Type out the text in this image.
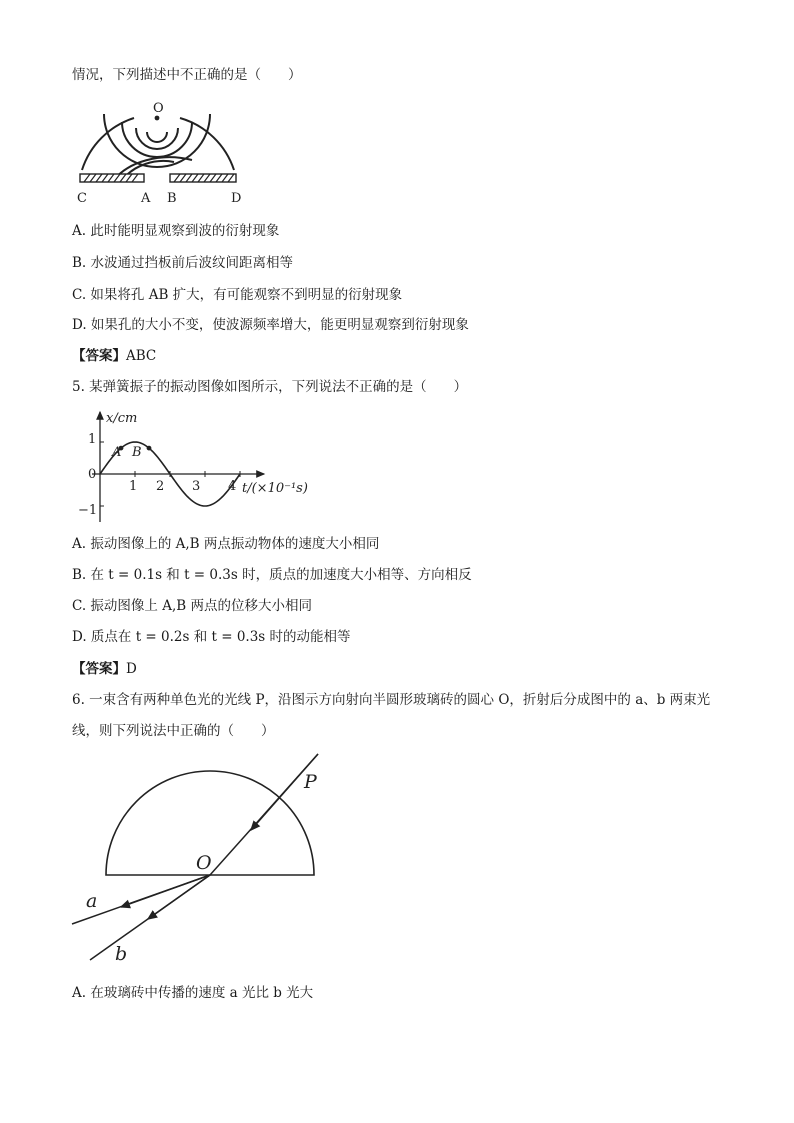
情况，下列描述中不正确的是（　　）
O
C	A B	D
A. 此时能明显观察到波的衍射现象
B. 水波通过挡板前后波纹间距离相等
C. 如果将孔 AB 扩大，有可能观察不到明显的衍射现象
D. 如果孔的大小不变，使波源频率增大，能更明显观察到衍射现象
【答案】ABC
5. 某弹簧振子的振动图像如图所示，下列说法不正确的是（　　）
x/cm
t/(×10⁻¹s)
1
0
−1
1 2 3 4
A B
A. 振动图像上的 A,B 两点振动物体的速度大小相同
B. 在 t = 0.1s 和 t = 0.3s 时，质点的加速度大小相等、方向相反
C. 振动图像上 A,B 两点的位移大小相同
D. 质点在 t = 0.2s 和 t = 0.3s 时的动能相等
【答案】D
6. 一束含有两种单色光的光线 P，沿图示方向射向半圆形玻璃砖的圆心 O，折射后分成图中的 a、b 两束光
线，则下列说法中正确的（　　）
P
O
a
b
A. 在玻璃砖中传播的速度 a 光比 b 光大
